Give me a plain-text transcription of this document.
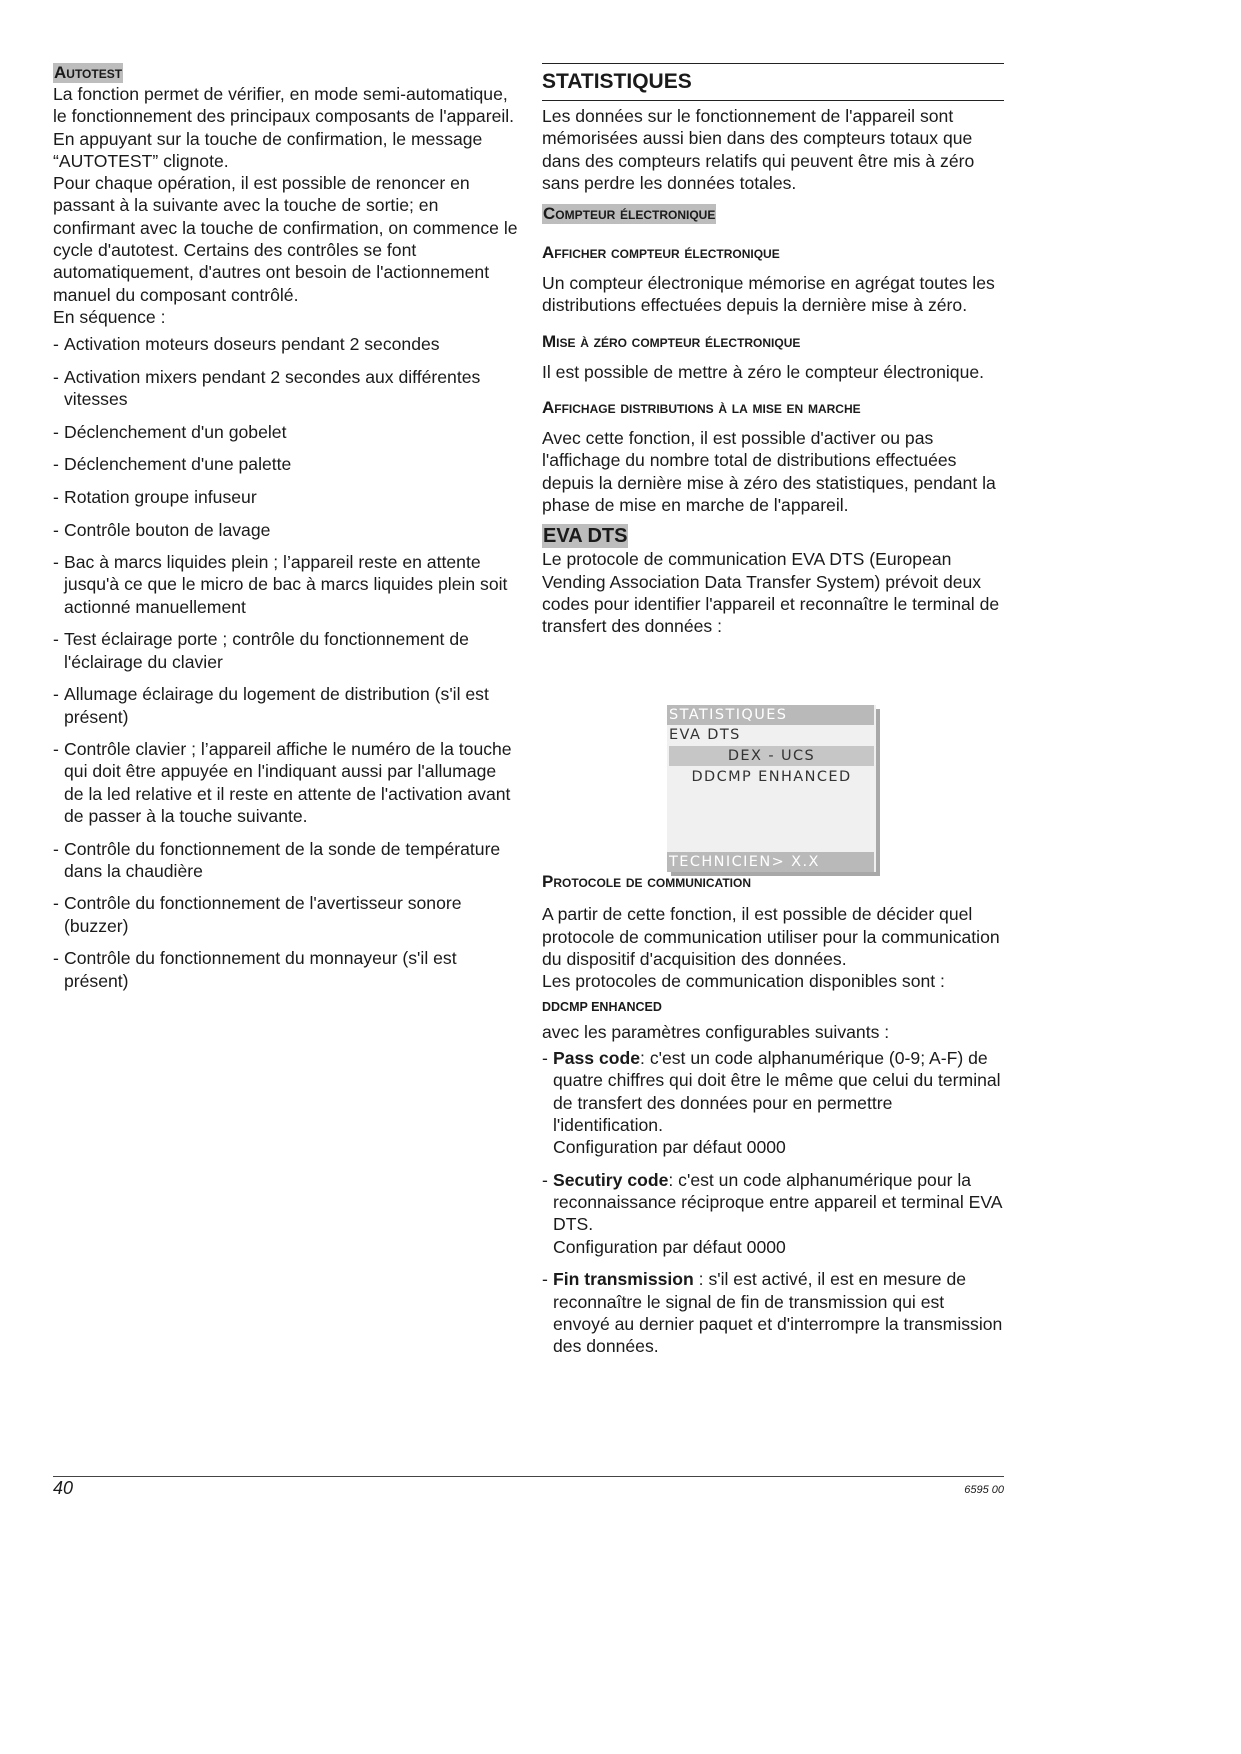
Autotest

La fonction permet de vérifier, en mode semi-automatique, le fonctionnement des principaux composants de l'appareil. En appuyant sur la touche de confirmation, le message “AUTOTEST” clignote.

Pour chaque opération, il est possible de renoncer en passant à la suivante avec la touche de sortie; en confirmant avec la touche de confirmation, on commence le cycle d'autotest. Certains des contrôles se font automatiquement, d'autres ont besoin de l'actionnement manuel du composant contrôlé.

En séquence :

- Activation moteurs doseurs pendant 2 secondes
- Activation mixers pendant 2 secondes aux différentes vitesses
- Déclenchement d'un gobelet
- Déclenchement d'une palette
- Rotation groupe infuseur
- Contrôle bouton de lavage
- Bac à marcs liquides plein ; l’appareil reste en attente jusqu'à ce que le micro de bac à marcs liquides plein soit actionné manuellement
- Test éclairage porte ; contrôle du fonctionnement de l'éclairage du clavier
- Allumage éclairage du logement de distribution (s'il est présent)
- Contrôle clavier ; l’appareil affiche le numéro de la touche qui doit être appuyée en l'indiquant aussi par l'allumage de la led relative et il reste en attente de l'activation avant de passer à la touche suivante.
- Contrôle du fonctionnement de la sonde de température dans la chaudière
- Contrôle du fonctionnement de l'avertisseur sonore (buzzer)
- Contrôle du fonctionnement du monnayeur (s'il est présent)
STATISTIQUES

Les données sur le fonctionnement de l'appareil sont mémorisées aussi bien dans des compteurs totaux que dans des compteurs relatifs qui peuvent être mis à zéro sans perdre les données totales.

Compteur électronique
Afficher compteur électronique

Un compteur électronique mémorise en agrégat toutes les distributions effectuées depuis la dernière mise à zéro.

Mise à zéro compteur électronique

Il est possible de mettre à zéro le compteur électronique.

Affichage distributions à la mise en marche

Avec cette fonction, il est possible d'activer ou pas l'affichage du nombre total de distributions effectuées depuis la dernière mise à zéro des statistiques, pendant la phase de mise en marche de l'appareil.

EVA DTS

Le protocole de communication EVA DTS (European Vending Association Data Transfer System) prévoit deux codes pour identifier l'appareil et reconnaître le terminal de transfert des données :

Protocole de communication

A partir de cette fonction, il est possible de décider quel protocole de communication utiliser pour la communication du dispositif d'acquisition des données.

Les protocoles de communication disponibles sont :

DDCMP ENHANCED

avec les paramètres configurables suivants :

- Pass code: c'est un code alphanumérique (0-9; A-F) de quatre chiffres qui doit être le même que celui du terminal de transfert des données pour en permettre l'identification.
Configuration par défaut 0000
- Secutiry code: c'est un code alphanumérique pour la reconnaissance réciproque entre appareil et terminal EVA DTS.
Configuration par défaut 0000
- Fin transmission : s'il est activé, il est en mesure de reconnaître le signal de fin de transmission qui est envoyé au dernier paquet et d'interrompre la transmission des données.
STATISTIQUES
EVA DTS
DEX - UCS
DDCMP ENHANCED
TECHNICIEN> X.X
40	6595 00
